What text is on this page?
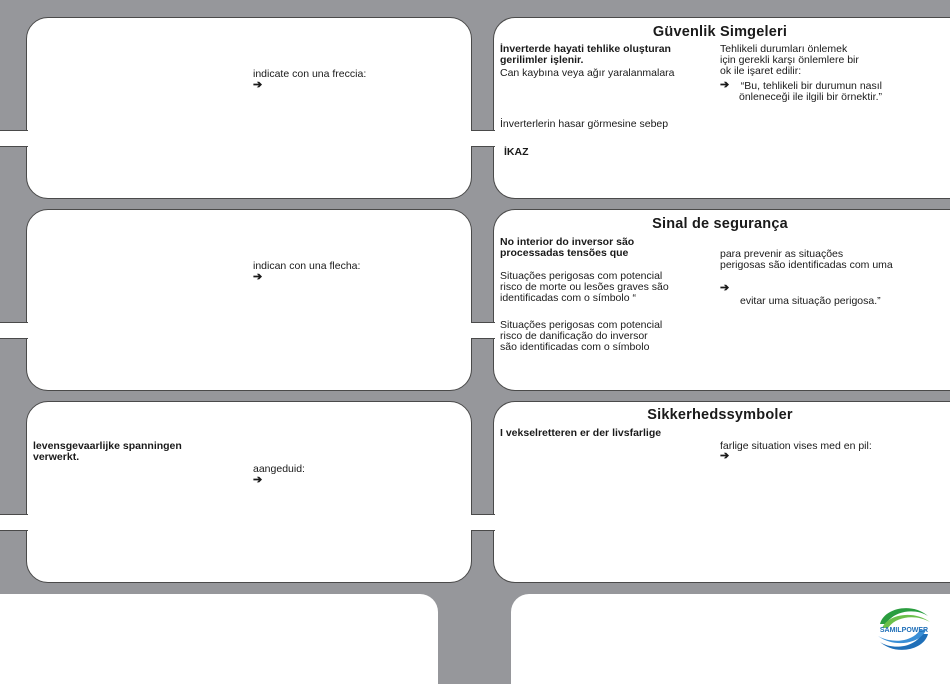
indicate con una freccia:
➔
indican con una flecha:
➔
levensgevaarlijke spanningen
verwerkt.
aangeduid:
➔
Güvenlik Simgeleri
İnverterde hayati tehlike oluşturan
gerilimler işlenir.
Can kaybına veya ağır yaralanmalara
İnverterlerin hasar görmesine sebep
İKAZ
Tehlikeli durumları önlemek
için gerekli karşı önlemlere bir
ok ile işaret edilir:
➔ “Bu, tehlikeli bir durumun nasıl
önleneceği ile ilgili bir örnektir.”
Sinal de segurança
No interior do inversor são
processadas tensões que
Situações perigosas com potencial
risco de morte ou lesões graves são
identificadas com o símbolo “
Situações perigosas com potencial
risco de danificação do inversor
são identificadas com o símbolo
para prevenir as situações
perigosas são identificadas com uma
➔
evitar uma situação perigosa.”
Sikkerhedssymboler
I vekselretteren er der livsfarlige
farlige situation vises med en pil:
➔
SAMILPOWER
